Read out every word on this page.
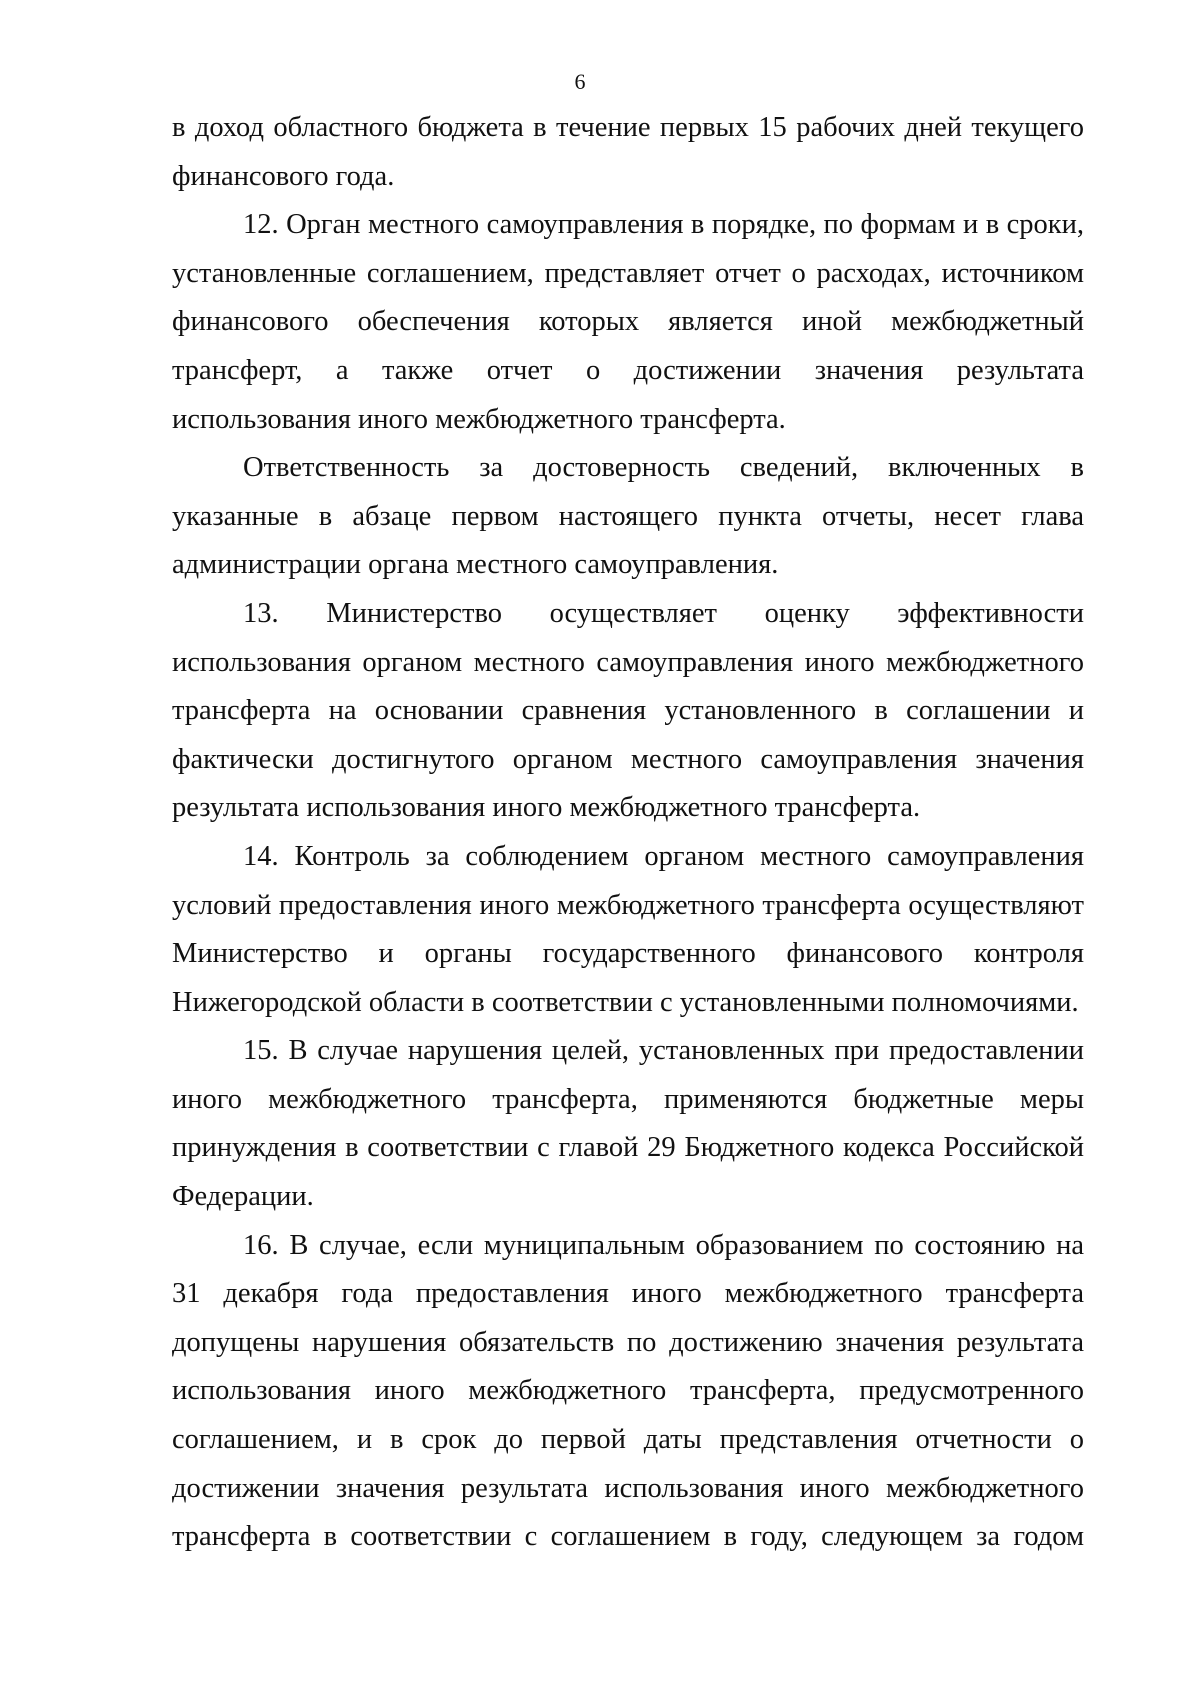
6

в доход областного бюджета в течение первых 15 рабочих дней текущего финансового года.

12. Орган местного самоуправления в порядке, по формам и в сроки, установленные соглашением, представляет отчет о расходах, источником финансового обеспечения которых является иной межбюджетный трансферт, а также отчет о достижении значения результата использования иного межбюджетного трансферта.

Ответственность за достоверность сведений, включенных в указанные в абзаце первом настоящего пункта отчеты, несет глава администрации органа местного самоуправления.

13. Министерство осуществляет оценку эффективности использования органом местного самоуправления иного межбюджетного трансферта на основании сравнения установленного в соглашении и фактически достигнутого органом местного самоуправления значения результата использования иного межбюджетного трансферта.

14. Контроль за соблюдением органом местного самоуправления условий предоставления иного межбюджетного трансферта осуществляют Министерство и органы государственного финансового контроля Нижегородской области в соответствии с установленными полномочиями.

15. В случае нарушения целей, установленных при предоставлении иного межбюджетного трансферта, применяются бюджетные меры принуждения в соответствии с главой 29 Бюджетного кодекса Российской Федерации.

16. В случае, если муниципальным образованием по состоянию на 31 декабря года предоставления иного межбюджетного трансферта допущены нарушения обязательств по достижению значения результата использования иного межбюджетного трансферта, предусмотренного соглашением, и в срок до первой даты представления отчетности о достижении значения результата использования иного межбюджетного трансферта в соответствии с соглашением в году, следующем за годом
